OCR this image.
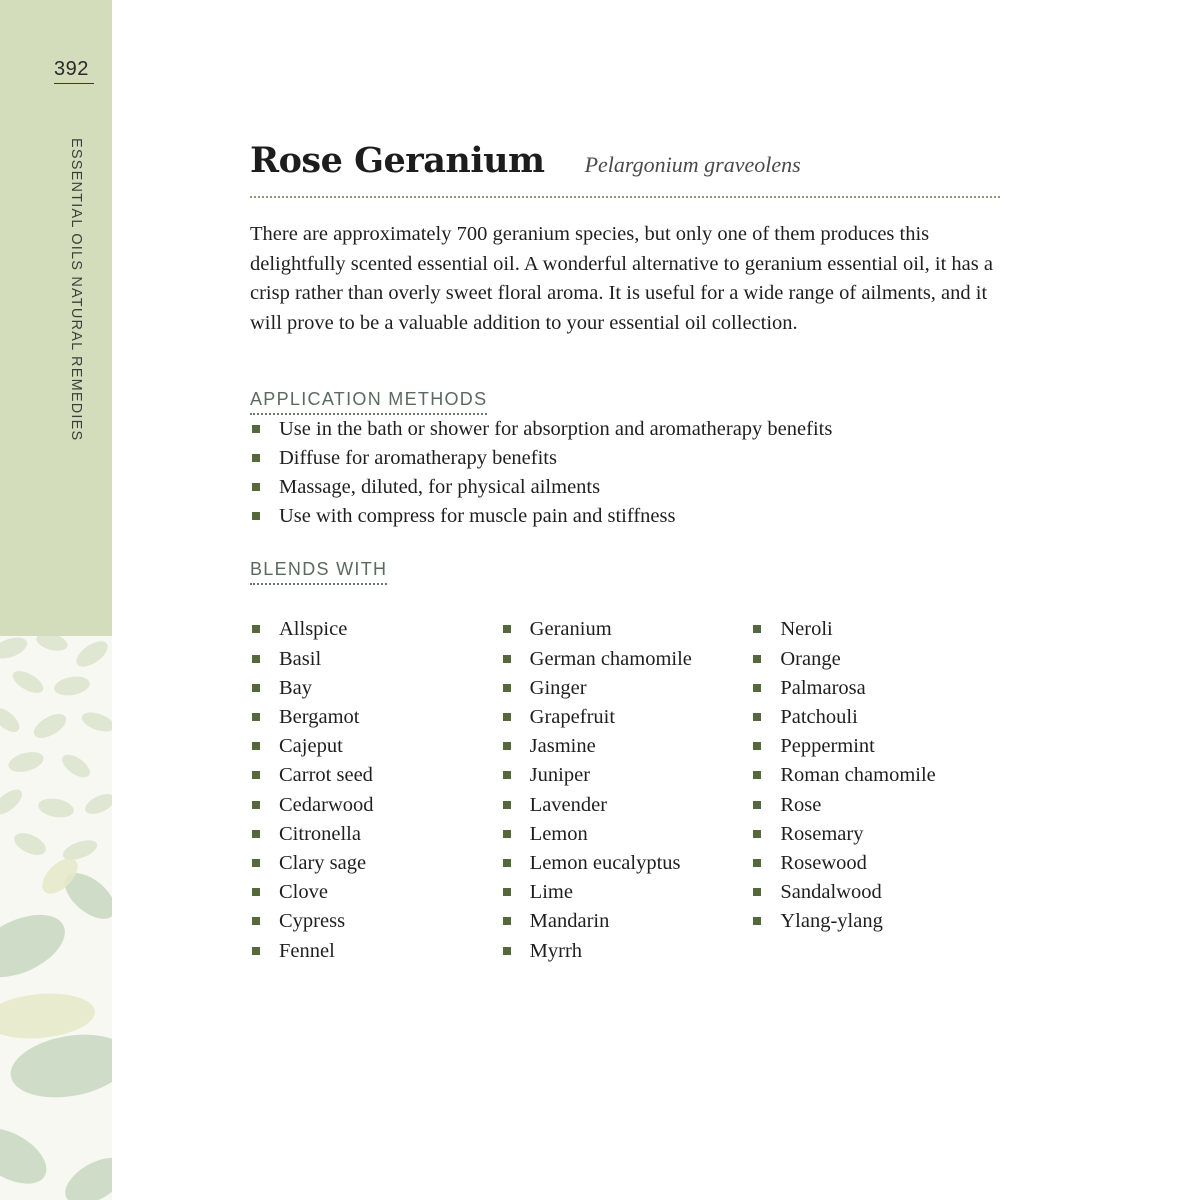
392
ESSENTIAL OILS NATURAL REMEDIES	Rose Geranium Pelargonium graveolens

There are approximately 700 geranium species, but only one of them produces this delightfully scented essential oil. A wonderful alternative to geranium essential oil, it has a crisp rather than overly sweet floral aroma. It is useful for a wide range of ailments, and it will prove to be a valuable addition to your essential oil collection.

APPLICATION METHODS
Use in the bath or shower for absorption and aromatherapy benefits
Diffuse for aromatherapy benefits
Massage, diluted, for physical ailments
Use with compress for muscle pain and stiffness
BLENDS WITH
Allspice
Basil
Bay
Bergamot
Cajeput
Carrot seed
Cedarwood
Citronella
Clary sage
Clove
Cypress
Fennel
Geranium
German chamomile
Ginger
Grapefruit
Jasmine
Juniper
Lavender
Lemon
Lemon eucalyptus
Lime
Mandarin
Myrrh
Neroli
Orange
Palmarosa
Patchouli
Peppermint
Roman chamomile
Rose
Rosemary
Rosewood
Sandalwood
Ylang-ylang
